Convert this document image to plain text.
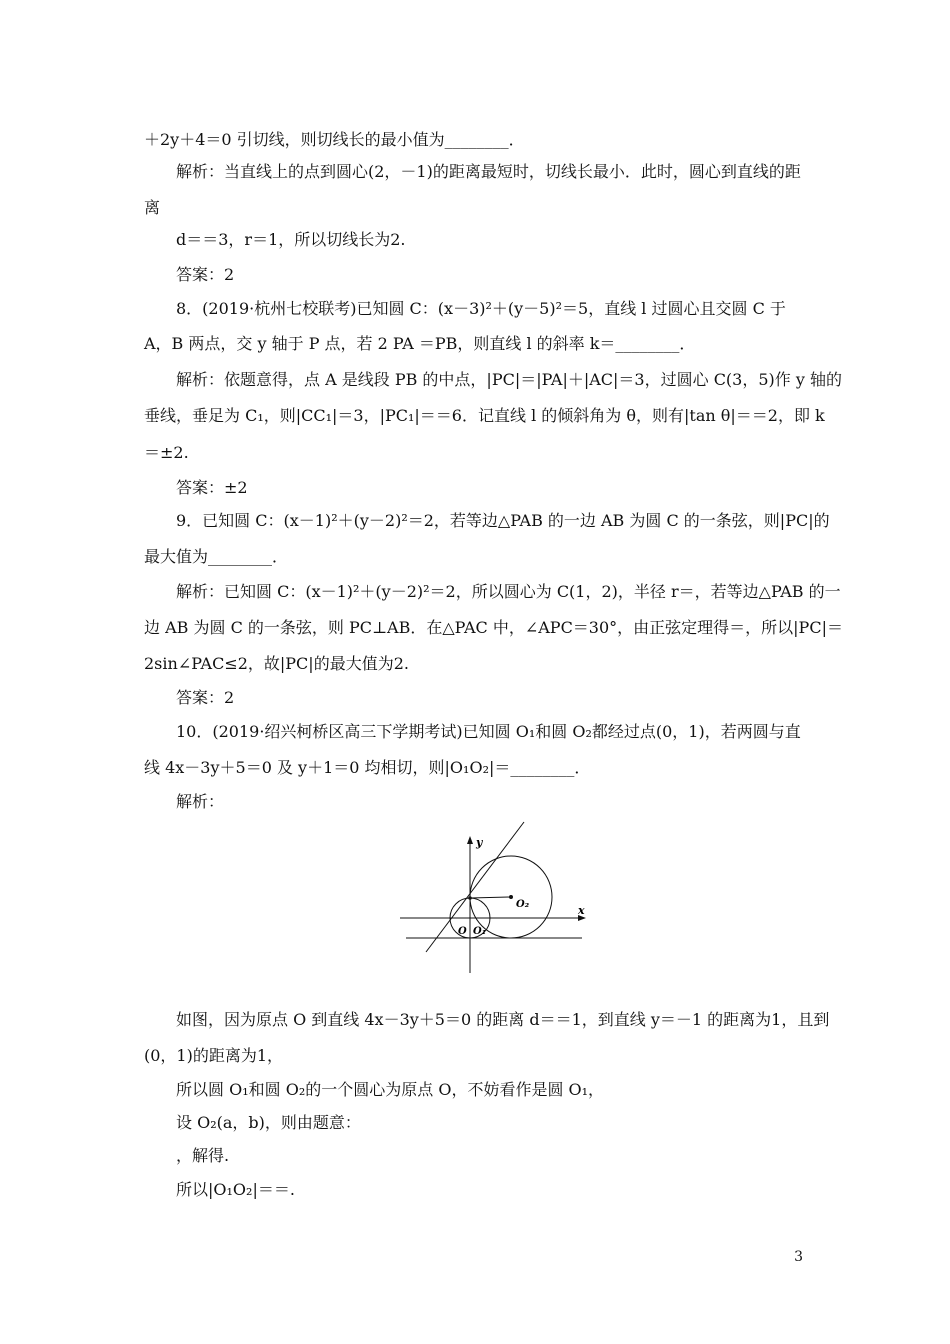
＋2y＋4＝0 引切线，则切线长的最小值为________．
解析：当直线上的点到圆心(2，－1)的距离最短时，切线长最小．此时，圆心到直线的距
离
d＝＝3，r＝1，所以切线长为2.
答案：2
8．(2019·杭州七校联考)已知圆 C：(x－3)²＋(y－5)²＝5，直线 l 过圆心且交圆 C 于
A，B 两点，交 y 轴于 P 点，若 2 PA ＝PB，则直线 l 的斜率 k＝________．
解析：依题意得，点 A 是线段 PB 的中点，|PC|＝|PA|＋|AC|＝3，过圆心 C(3，5)作 y 轴的
垂线，垂足为 C₁，则|CC₁|＝3，|PC₁|＝＝6．记直线 l 的倾斜角为 θ，则有|tan θ|＝＝2，即 k
＝±2.
答案：±2
9．已知圆 C：(x－1)²＋(y－2)²＝2，若等边△PAB 的一边 AB 为圆 C 的一条弦，则|PC|的
最大值为________．
解析：已知圆 C：(x－1)²＋(y－2)²＝2，所以圆心为 C(1，2)，半径 r＝，若等边△PAB 的一
边 AB 为圆 C 的一条弦，则 PC⊥AB．在△PAC 中，∠APC＝30°，由正弦定理得＝，所以|PC|＝
2sin∠PAC≤2，故|PC|的最大值为2.
答案：2
10．(2019·绍兴柯桥区高三下学期考试)已知圆 O₁和圆 O₂都经过点(0，1)，若两圆与直
线 4x－3y＋5＝0 及 y＋1＝0 均相切，则|O₁O₂|＝________．
解析：
x
y
O₂
O O₁
如图，因为原点 O 到直线 4x－3y＋5＝0 的距离 d＝＝1，到直线 y＝－1 的距离为1，且到
(0，1)的距离为1，
所以圆 O₁和圆 O₂的一个圆心为原点 O，不妨看作是圆 O₁，
设 O₂(a，b)，则由题意：
，解得.
所以|O₁O₂|＝＝.
3
